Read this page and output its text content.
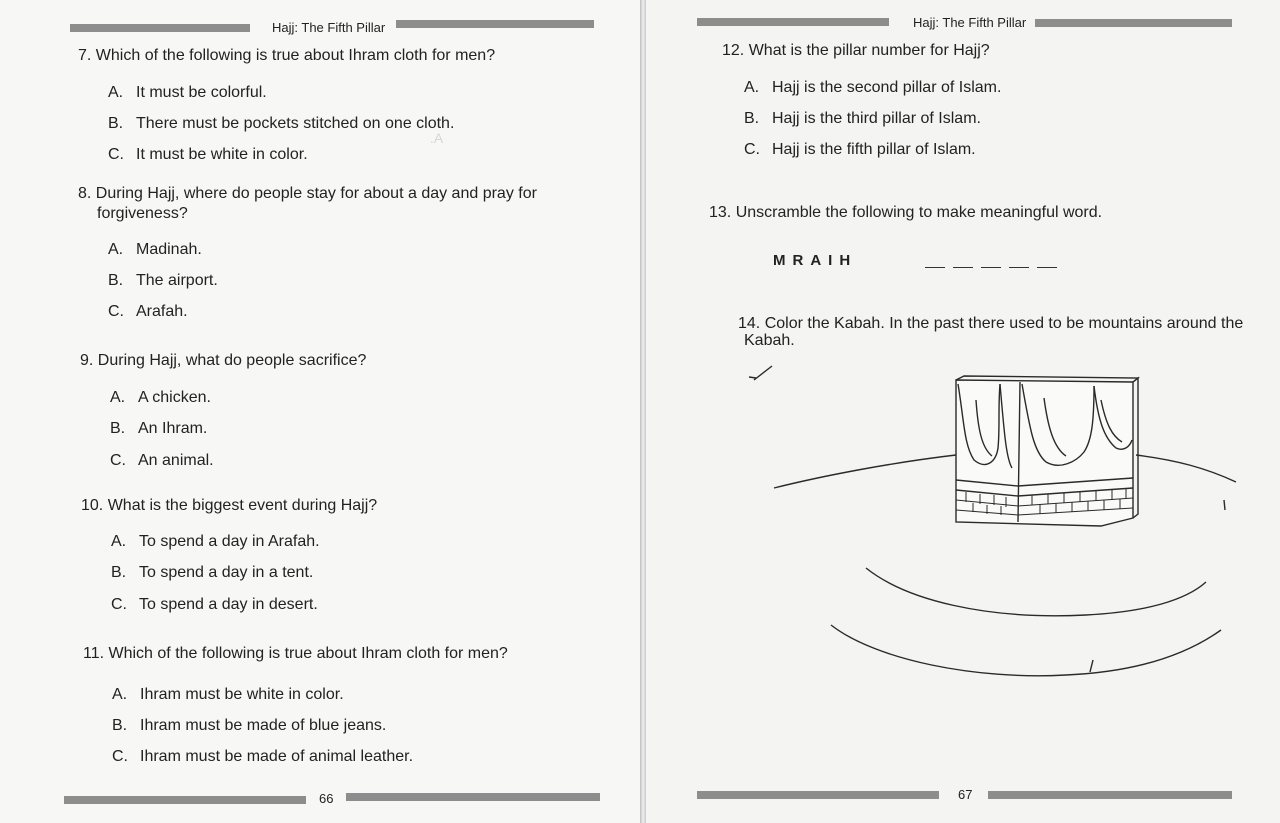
.A
Hajj: The Fifth Pillar
7. Which of the following is true about Ihram cloth for men?
A. It must be colorful.
B. There must be pockets stitched on one cloth.
C. It must be white in color.
8. During Hajj, where do people stay for about a day and pray for
forgiveness?
A. Madinah.
B. The airport.
C. Arafah.
9. During Hajj, what do people sacrifice?
A. A chicken.
B. An Ihram.
C. An animal.
10. What is the biggest event during Hajj?
A. To spend a day in Arafah.
B. To spend a day in a tent.
C. To spend a day in desert.
11. Which of the following is true about Ihram cloth for men?
A. Ihram must be white in color.
B. Ihram must be made of blue jeans.
C. Ihram must be made of animal leather.
66
Hajj: The Fifth Pillar
12. What is the pillar number for Hajj?
A. Hajj is the second pillar of Islam.
B. Hajj is the third pillar of Islam.
C. Hajj is the fifth pillar of Islam.
13. Unscramble the following to make meaningful word.
MRAIH
14. Color the Kabah. In the past there used to be mountains around the
Kabah.
67
